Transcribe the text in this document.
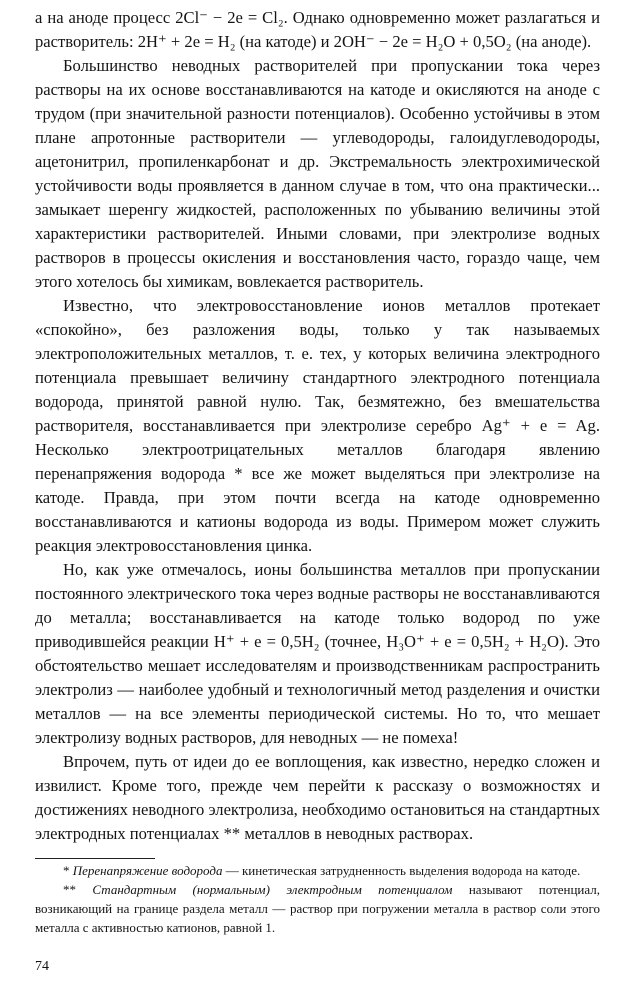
а на аноде процесс 2Cl⁻ − 2e = Cl₂. Однако одновременно может разлагаться и растворитель: 2H⁺ + 2e = H₂ (на катоде) и 2OH⁻ − 2e = H₂O + 0,5O₂ (на аноде).

Большинство неводных растворителей при пропускании тока через растворы на их основе восстанавливаются на катоде и окисляются на аноде с трудом (при значительной разности потенциалов). Особенно устойчивы в этом плане апротонные растворители — углеводороды, галоидуглеводороды, ацетонитрил, пропиленкарбонат и др. Экстремальность электрохимической устойчивости воды проявляется в данном случае в том, что она практически... замыкает шеренгу жидкостей, расположенных по убыванию величины этой характеристики растворителей. Иными словами, при электролизе водных растворов в процессы окисления и восстановления часто, гораздо чаще, чем этого хотелось бы химикам, вовлекается растворитель.

Известно, что электровосстановление ионов металлов протекает «спокойно», без разложения воды, только у так называемых электроположительных металлов, т. е. тех, у которых величина электродного потенциала превышает величину стандартного электродного потенциала водорода, принятой равной нулю. Так, безмятежно, без вмешательства растворителя, восстанавливается при электролизе серебро Ag⁺ + e = Ag. Несколько электроотрицательных металлов благодаря явлению перенапряжения водорода * все же может выделяться при электролизе на катоде. Правда, при этом почти всегда на катоде одновременно восстанавливаются и катионы водорода из воды. Примером может служить реакция электровосстановления цинка.

Но, как уже отмечалось, ионы большинства металлов при пропускании постоянного электрического тока через водные растворы не восстанавливаются до металла; восстанавливается на катоде только водород по уже приводившейся реакции H⁺ + e = 0,5H₂ (точнее, H₃O⁺ + e = 0,5H₂ + H₂O). Это обстоятельство мешает исследователям и производственникам распространить электролиз — наиболее удобный и технологичный метод разделения и очистки металлов — на все элементы периодической системы. Но то, что мешает электролизу водных растворов, для неводных — не помеха!

Впрочем, путь от идеи до ее воплощения, как известно, нередко сложен и извилист. Кроме того, прежде чем перейти к рассказу о возможностях и достижениях неводного электролиза, необходимо остановиться на стандартных электродных потенциалах ** металлов в неводных растворах.

* Перенапряжение водорода — кинетическая затрудненность выделения водорода на катоде.

** Стандартным (нормальным) электродным потенциалом называют потенциал, возникающий на границе раздела металл — раствор при погружении металла в раствор соли этого металла с активностью катионов, равной 1.

74
